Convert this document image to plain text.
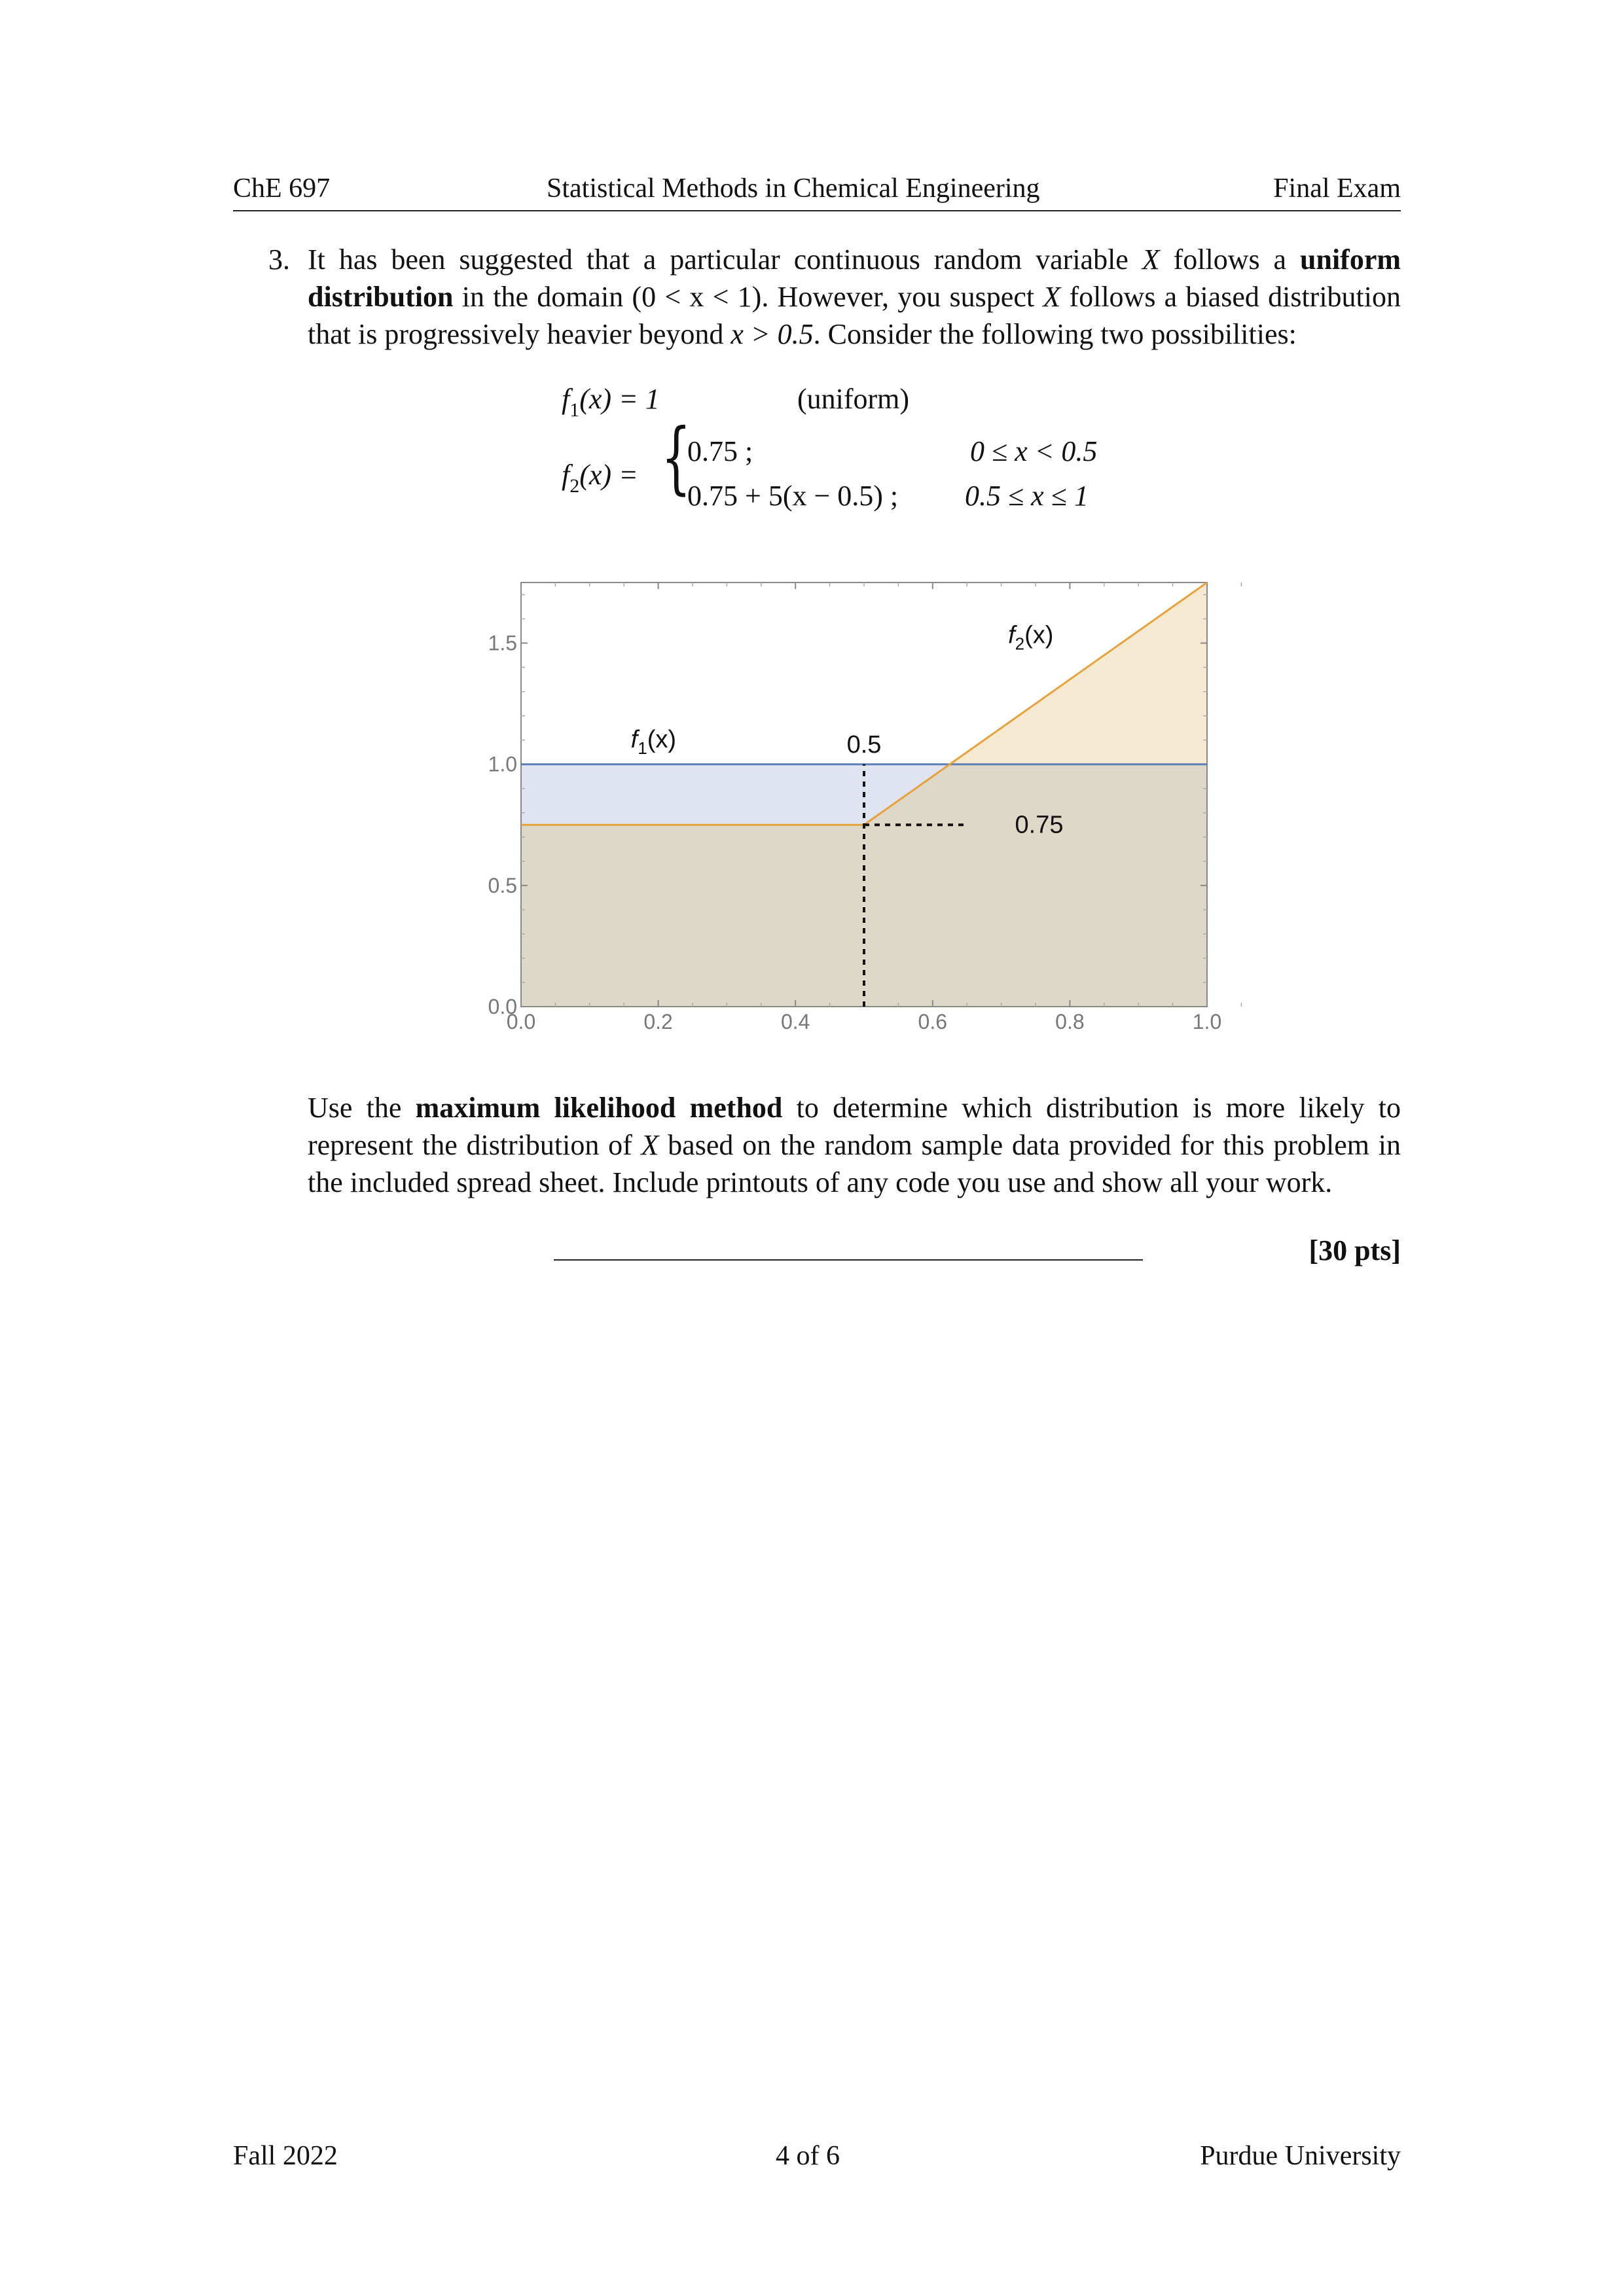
ChE 697	Statistical Methods in Chemical Engineering	Final Exam
3. It has been suggested that a particular continuous random variable X follows a uniform distribution in the domain (0 < x < 1). However, you suspect X follows a biased distribution that is progressively heavier beyond x > 0.5. Consider the following two possibilities:
$f_1(x) = 1$	(uniform)
$f_2(x)$ = {
0.75 ;	0 ≤ x < 0.5
0.75 + 5(x − 0.5) ; 0.5 ≤ x ≤ 1
0.0	0.2	0.4	0.6	0.8	1.0
0.0
0.5
1.0
1.5
0.5
0.75
$f_1(x)$
$f_2(x)$
Use the maximum likelihood method to determine which distribution is more likely to represent the distribution of X based on the random sample data provided for this problem in the included spread sheet. Include printouts of any code you use and show all your work.
[30 pts]
Fall 2022	4 of 6	Purdue University
